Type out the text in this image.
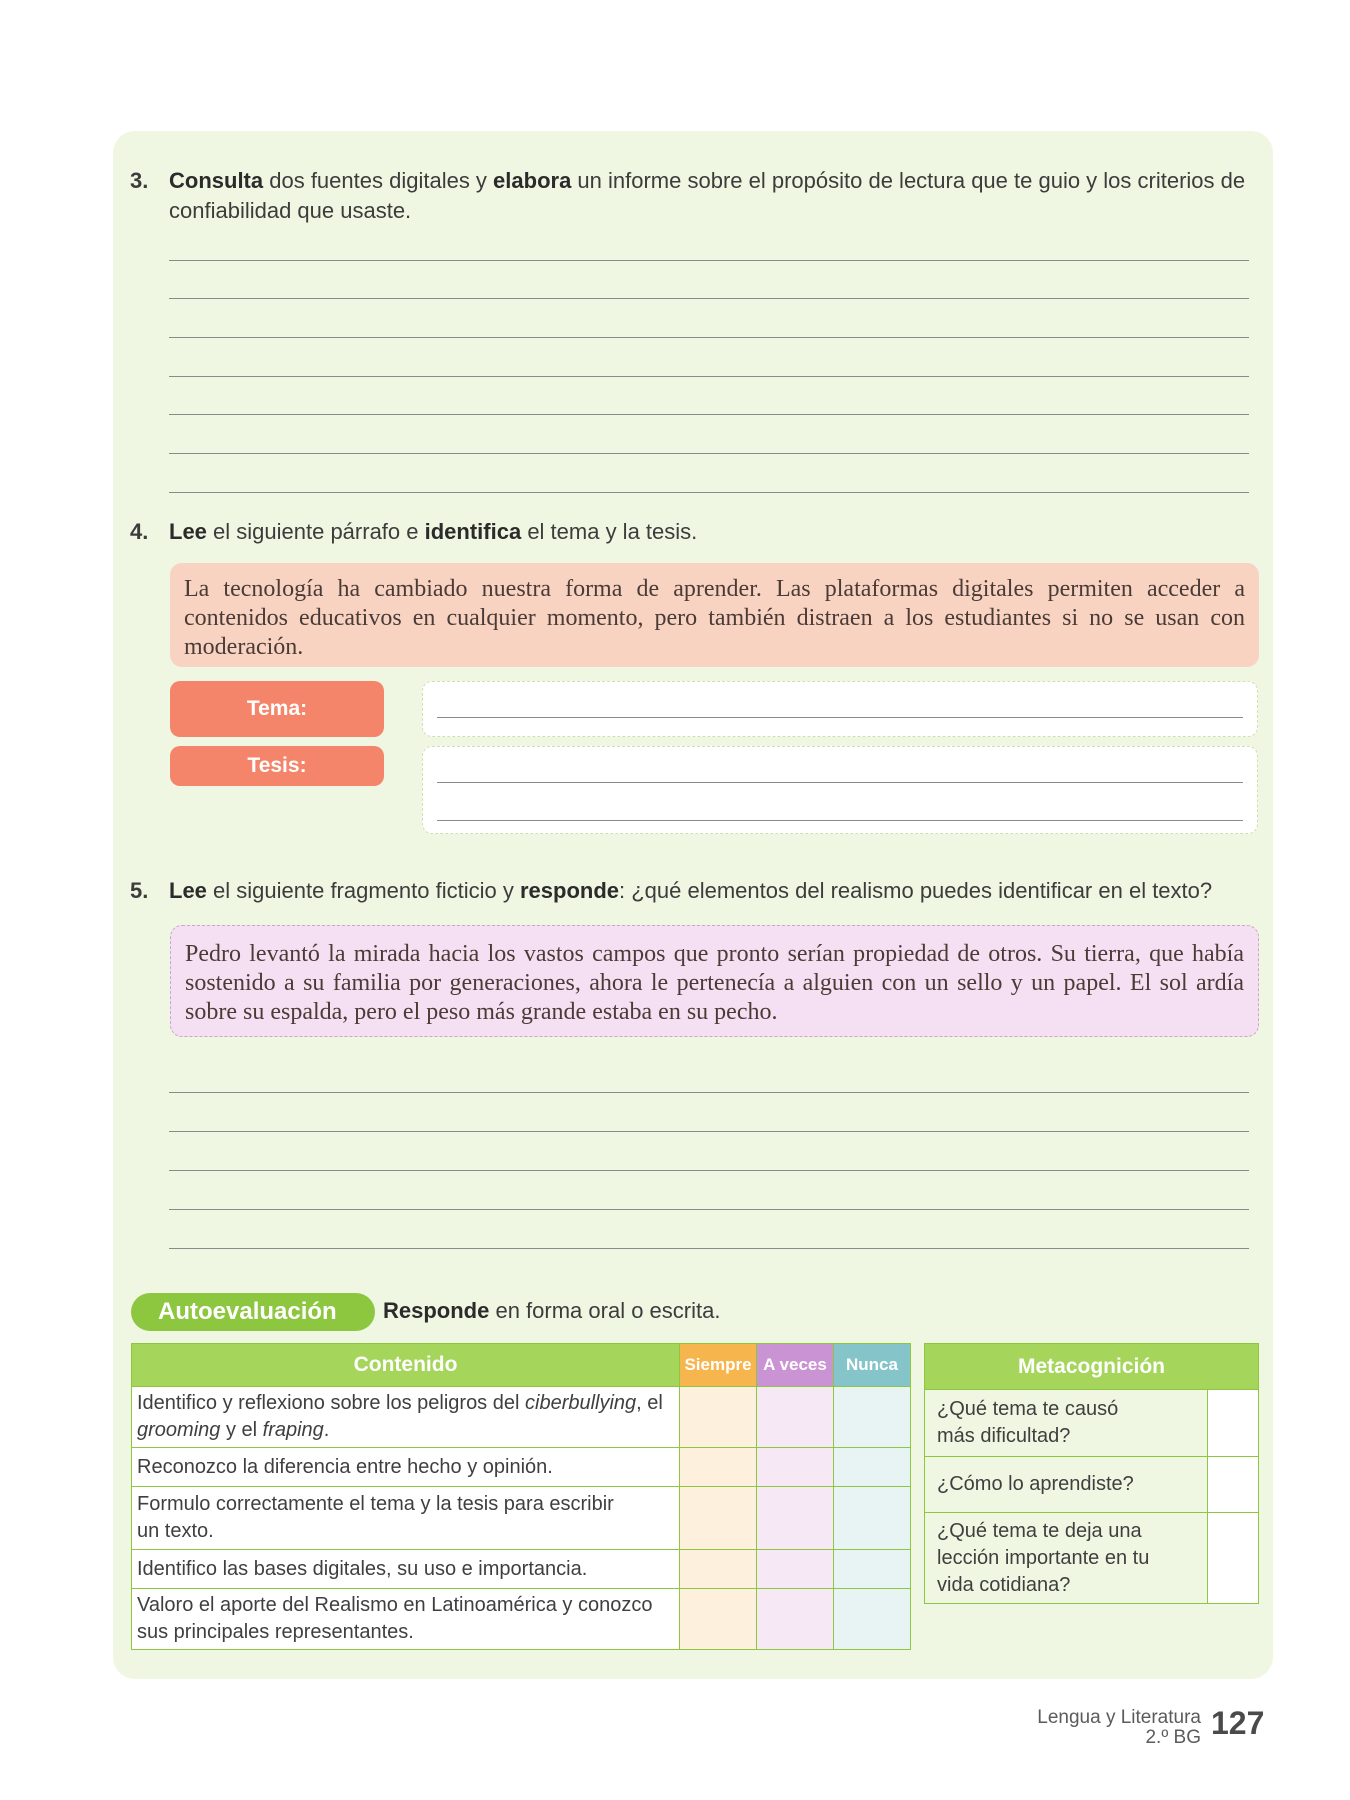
3. Consulta dos fuentes digitales y elabora un informe sobre el propósito de lectura que te guio y los criterios de
confiabilidad que usaste.
4. Lee el siguiente párrafo e identifica el tema y la tesis.
La tecnología ha cambiado nuestra forma de aprender. Las plataformas digitales permiten acceder a contenidos educativos en cualquier momento, pero también distraen a los estudiantes si no se usan con moderación.
Tema:
Tesis:
5. Lee el siguiente fragmento ficticio y responde: ¿qué elementos del realismo puedes identificar en el texto?
Pedro levantó la mirada hacia los vastos campos que pronto serían propiedad de otros. Su tierra, que había sostenido a su familia por generaciones, ahora le pertenecía a alguien con un sello y un papel. El sol ardía sobre su espalda, pero el peso más grande estaba en su pecho.
Autoevaluación	Responde en forma oral o escrita.
Contenido	Siempre	A veces	Nunca
Identifico y reflexiono sobre los peligros del ciberbullying, el
grooming y el fraping.			
Reconozco la diferencia entre hecho y opinión.			
Formulo correctamente el tema y la tesis para escribir
un texto.			
Identifico las bases digitales, su uso e importancia.			
Valoro el aporte del Realismo en Latinoamérica y conozco
sus principales representantes.			
Metacognición	
¿Qué tema te causó
más dificultad?	
¿Cómo lo aprendiste?	
¿Qué tema te deja una
lección importante en tu
vida cotidiana?	
Lengua y Literatura
2.º BG 127
